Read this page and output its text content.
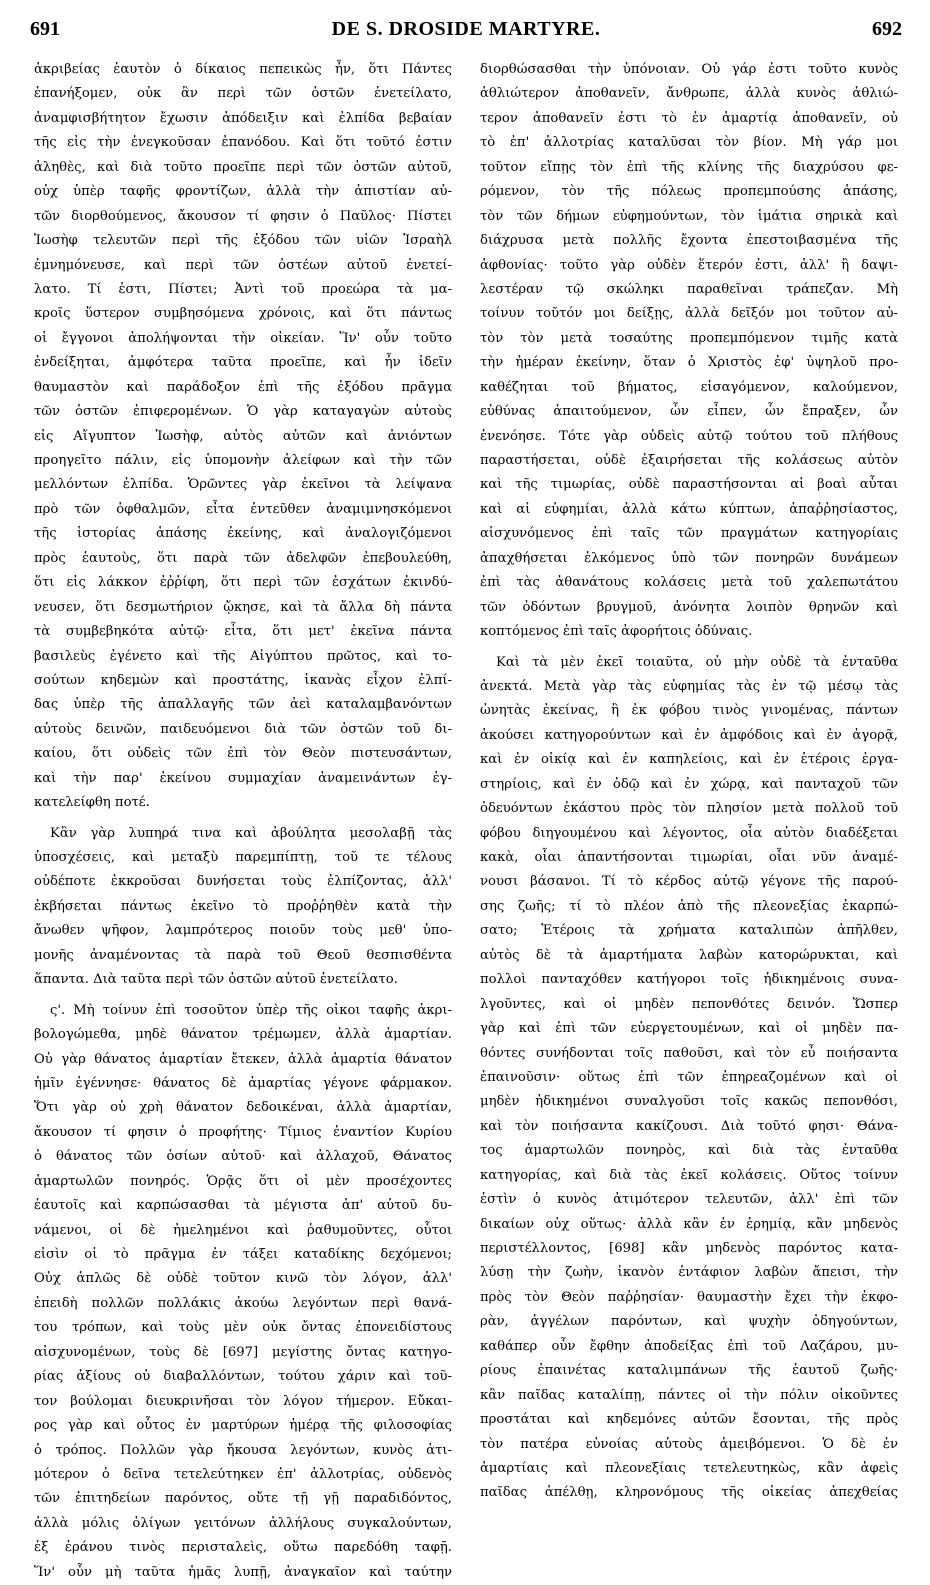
691	DE S. DROSIDE MARTYRE.	692
ἀκριβείας ἑαυτὸν ὁ δίκαιος πεπεικὼς ἦν, ὅτι Πάντες
ἐπανήξομεν, οὐκ ἂν περὶ τῶν ὀστῶν ἐνετείλατο,
ἀναμφισβήτητον ἔχωσιν ἀπόδειξιν καὶ ἐλπίδα βεβαίαν
τῆς εἰς τὴν ἐνεγκοῦσαν ἐπανόδου. Καὶ ὅτι τοῦτό ἐστιν
ἀληθὲς, καὶ διὰ τοῦτο προεῖπε περὶ τῶν ὀστῶν αὐτοῦ,
οὐχ ὑπὲρ ταφῆς φροντίζων, ἀλλὰ τὴν ἀπιστίαν αὐ-
τῶν διορθούμενος, ἄκουσον τί φησιν ὁ Παῦλος· Πίστει
Ἰωσὴφ τελευτῶν περὶ τῆς ἐξόδου τῶν υἱῶν Ἰσραὴλ
ἐμνημόνευσε, καὶ περὶ τῶν ὀστέων αὐτοῦ ἐνετεί-
λατο. Τί ἐστι, Πίστει; Ἀντὶ τοῦ προεώρα τὰ μα-
κροῖς ὕστερον συμβησόμενα χρόνοις, καὶ ὅτι πάντως
οἱ ἔγγονοι ἀπολήψονται τὴν οἰκείαν. Ἵν' οὖν τοῦτο
ἐνδείξηται, ἀμφότερα ταῦτα προεῖπε, καὶ ἦν ἰδεῖν
θαυμαστὸν καὶ παράδοξον ἐπὶ τῆς ἐξόδου πρᾶγμα
τῶν ὀστῶν ἐπιφερομένων. Ὁ γὰρ καταγαγὼν αὐτοὺς
εἰς Αἴγυπτον Ἰωσὴφ, αὐτὸς αὐτῶν καὶ ἀνιόντων
προηγεῖτο πάλιν, εἰς ὑπομονὴν ἀλείφων καὶ τὴν τῶν
μελλόντων ἐλπίδα. Ὁρῶντες γὰρ ἐκεῖνοι τὰ λείψανα
πρὸ τῶν ὀφθαλμῶν, εἶτα ἐντεῦθεν ἀναμιμνησκόμενοι
τῆς ἱστορίας ἁπάσης ἐκείνης, καὶ ἀναλογιζόμενοι
πρὸς ἑαυτοὺς, ὅτι παρὰ τῶν ἀδελφῶν ἐπεβουλεύθη,
ὅτι εἰς λάκκον ἐῤῥίφη, ὅτι περὶ τῶν ἐσχάτων ἐκινδύ-
νευσεν, ὅτι δεσμωτήριον ᾤκησε, καὶ τὰ ἄλλα δὴ πάντα
τὰ συμβεβηκότα αὐτῷ· εἶτα, ὅτι μετ' ἐκεῖνα πάντα
βασιλεὺς ἐγένετο καὶ τῆς Αἰγύπτου πρῶτος, καὶ το-
σούτων κηδεμὼν καὶ προστάτης, ἱκανὰς εἶχον ἐλπί-
δας ὑπὲρ τῆς ἀπαλλαγῆς τῶν ἀεὶ καταλαμβανόντων
αὐτοὺς δεινῶν, παιδευόμενοι διὰ τῶν ὀστῶν τοῦ δι-
καίου, ὅτι οὐδεὶς τῶν ἐπὶ τὸν Θεὸν πιστευσάντων,
καὶ τὴν παρ' ἐκείνου συμμαχίαν ἀναμεινάντων ἐγ-
κατελείφθη ποτέ.
Κἂν γὰρ λυπηρά τινα καὶ ἀβούλητα μεσολαβῇ τὰς
ὑποσχέσεις, καὶ μεταξὺ παρεμπίπτῃ, τοῦ τε τέλους
οὐδέποτε ἐκκροῦσαι δυνήσεται τοὺς ἐλπίζοντας, ἀλλ'
ἐκβήσεται πάντως ἐκεῖνο τὸ προῤῥηθὲν κατὰ τὴν
ἄνωθεν ψῆφον, λαμπρότερος ποιοῦν τοὺς μεθ' ὑπο-
μονῆς ἀναμένοντας τὰ παρὰ τοῦ Θεοῦ θεσπισθέντα
ἅπαντα. Διὰ ταῦτα περὶ τῶν ὀστῶν αὐτοῦ ἐνετείλατο.
ς'. Μὴ τοίνυν ἐπὶ τοσοῦτον ὑπὲρ τῆς οἰκοι ταφῆς ἀκρι-
βολογώμεθα, μηδὲ θάνατον τρέμωμεν, ἀλλὰ ἁμαρτίαν.
Οὐ γὰρ θάνατος ἁμαρτίαν ἔτεκεν, ἀλλὰ ἁμαρτία θάνατον
ἡμῖν ἐγέννησε· θάνατος δὲ ἁμαρτίας γέγονε φάρμακον.
Ὅτι γὰρ οὐ χρὴ θάνατον δεδοικέναι, ἀλλὰ ἁμαρτίαν,
ἄκουσον τί φησιν ὁ προφήτης· Τίμιος ἐναντίον Κυρίου
ὁ θάνατος τῶν ὁσίων αὐτοῦ· καὶ ἀλλαχοῦ, Θάνατος
ἁμαρτωλῶν πονηρός. Ὁρᾷς ὅτι οἱ μὲν προσέχοντες
ἑαυτοῖς καὶ καρπώσασθαι τὰ μέγιστα ἀπ' αὐτοῦ δυ-
νάμενοι, οἱ δὲ ἠμελημένοι καὶ ῥαθυμοῦντες, οὗτοι
εἰσὶν οἱ τὸ πρᾶγμα ἐν τάξει καταδίκης δεχόμενοι;
Οὐχ ἁπλῶς δὲ οὐδὲ τοῦτον κινῶ τὸν λόγον, ἀλλ'
ἐπειδὴ πολλῶν πολλάκις ἀκούω λεγόντων περὶ θανά-
του τρόπων, καὶ τοὺς μὲν οὐκ ὄντας ἐπονειδίστους
αἰσχυνομένων, τοὺς δὲ [697] μεγίστης ὄντας κατηγο-
ρίας ἀξίους οὐ διαβαλλόντων, τούτου χάριν καὶ τοῦ-
τον βούλομαι διευκρινῆσαι τὸν λόγον τήμερον. Εὔκαι-
ρος γὰρ καὶ οὗτος ἐν μαρτύρων ἡμέρᾳ τῆς φιλοσοφίας
ὁ τρόπος. Πολλῶν γὰρ ἤκουσα λεγόντων, κυνὸς ἀτι-
μότερον ὁ δεῖνα τετελεύτηκεν ἐπ' ἀλλοτρίας, οὐδενὸς
τῶν ἐπιτηδείων παρόντος, οὔτε τῇ γῇ παραδιδόντος,
ἀλλὰ μόλις ὀλίγων γειτόνων ἀλλήλους συγκαλούντων,
ἐξ ἐράνου τινὸς περισταλεὶς, οὕτω παρεδόθη ταφῇ.
Ἵν' οὖν μὴ ταῦτα ἡμᾶς λυπῇ, ἀναγκαῖον καὶ ταύτην
διορθώσασθαι τὴν ὑπόνοιαν. Οὐ γάρ ἐστι τοῦτο κυνὸς
ἀθλιώτερον ἀποθανεῖν, ἄνθρωπε, ἀλλὰ κυνὸς ἀθλιώ-
τερον ἀποθανεῖν ἐστι τὸ ἐν ἁμαρτίᾳ ἀποθανεῖν, οὐ
τὸ ἐπ' ἀλλοτρίας καταλῦσαι τὸν βίον. Μὴ γάρ μοι
τοῦτον εἴπῃς τὸν ἐπὶ τῆς κλίνης τῆς διαχρύσου φε-
ρόμενον, τὸν τῆς πόλεως προπεμπούσης ἁπάσης,
τὸν τῶν δήμων εὐφημούντων, τὸν ἱμάτια σηρικὰ καὶ
διάχρυσα μετὰ πολλῆς ἔχοντα ἐπεστοιβασμένα τῆς
ἀφθονίας· τοῦτο γὰρ οὐδὲν ἕτερόν ἐστι, ἀλλ' ἢ δαψι-
λεστέραν τῷ σκώληκι παραθεῖναι τράπεζαν. Μὴ
τοίνυν τοῦτόν μοι δείξῃς, ἀλλὰ δεῖξόν μοι τοῦτον αὐ-
τὸν τὸν μετὰ τοσαύτης προπεμπόμενον τιμῆς κατὰ
τὴν ἡμέραν ἐκείνην, ὅταν ὁ Χριστὸς ἐφ' ὑψηλοῦ προ-
καθέζηται τοῦ βήματος, εἰσαγόμενον, καλούμενον,
εὐθύνας ἀπαιτούμενον, ὧν εἶπεν, ὧν ἔπραξεν, ὧν
ἐνενόησε. Τότε γὰρ οὐδεὶς αὐτῷ τούτου τοῦ πλήθους
παραστήσεται, οὐδὲ ἐξαιρήσεται τῆς κολάσεως αὐτὸν
καὶ τῆς τιμωρίας, οὐδὲ παραστήσονται αἱ βοαὶ αὗται
καὶ αἱ εὐφημίαι, ἀλλὰ κάτω κύπτων, ἀπαῤῥησίαστος,
αἰσχυνόμενος ἐπὶ ταῖς τῶν πραγμάτων κατηγορίαις
ἀπαχθήσεται ἑλκόμενος ὑπὸ τῶν πονηρῶν δυνάμεων
ἐπὶ τὰς ἀθανάτους κολάσεις μετὰ τοῦ χαλεπωτάτου
τῶν ὀδόντων βρυγμοῦ, ἀνόνητα λοιπὸν θρηνῶν καὶ
κοπτόμενος ἐπὶ ταῖς ἀφορήτοις ὀδύναις.
Καὶ τὰ μὲν ἐκεῖ τοιαῦτα, οὐ μὴν οὐδὲ τὰ ἐνταῦθα
ἀνεκτά. Μετὰ γὰρ τὰς εὐφημίας τὰς ἐν τῷ μέσῳ τὰς
ὠνητὰς ἐκείνας, ἢ ἐκ φόβου τινὸς γινομένας, πάντων
ἀκούσει κατηγορούντων καὶ ἐν ἀμφόδοις καὶ ἐν ἀγορᾷ,
καὶ ἐν οἰκίᾳ καὶ ἐν καπηλείοις, καὶ ἐν ἑτέροις ἐργα-
στηρίοις, καὶ ἐν ὁδῷ καὶ ἐν χώρᾳ, καὶ πανταχοῦ τῶν
ὁδευόντων ἑκάστου πρὸς τὸν πλησίον μετὰ πολλοῦ τοῦ
φόβου διηγουμένου καὶ λέγοντος, οἷα αὐτὸν διαδέξεται
κακὰ, οἷαι ἀπαντήσονται τιμωρίαι, οἷαι νῦν ἀναμέ-
νουσι βάσανοι. Τί τὸ κέρδος αὐτῷ γέγονε τῆς παρού-
σης ζωῆς; τί τὸ πλέον ἀπὸ τῆς πλεονεξίας ἐκαρπώ-
σατο; Ἑτέροις τὰ χρήματα καταλιπὼν ἀπῆλθεν,
αὐτὸς δὲ τὰ ἁμαρτήματα λαβὼν κατορώρυκται, καὶ
πολλοὶ πανταχόθεν κατήγοροι τοῖς ἠδικημένοις συνα-
λγοῦντες, καὶ οἱ μηδὲν πεπονθότες δεινόν. Ὥσπερ
γὰρ καὶ ἐπὶ τῶν εὐεργετουμένων, καὶ οἱ μηδὲν πα-
θόντες συνήδονται τοῖς παθοῦσι, καὶ τὸν εὖ ποιήσαντα
ἐπαινοῦσιν· οὕτως ἐπὶ τῶν ἐπηρεαζομένων καὶ οἱ
μηδὲν ἠδικημένοι συναλγοῦσι τοῖς κακῶς πεπονθόσι,
καὶ τὸν ποιήσαντα κακίζουσι. Διὰ τοῦτό φησι· Θάνα-
τος ἁμαρτωλῶν πονηρὸς, καὶ διὰ τὰς ἐνταῦθα
κατηγορίας, καὶ διὰ τὰς ἐκεῖ κολάσεις. Οὕτος τοίνυν
ἐστὶν ὁ κυνὸς ἀτιμότερον τελευτῶν, ἀλλ' ἐπὶ τῶν
δικαίων οὐχ οὕτως· ἀλλὰ κἂν ἐν ἐρημίᾳ, κἂν μηδενὸς
περιστέλλοντος, [698] κἂν μηδενὸς παρόντος κατα-
λύσῃ τὴν ζωὴν, ἱκανὸν ἐντάφιον λαβὼν ἄπεισι, τὴν
πρὸς τὸν Θεὸν παῤῥησίαν· θαυμαστὴν ἔχει τὴν ἐκφο-
ρὰν, ἀγγέλων παρόντων, καὶ ψυχὴν ὁδηγούντων,
καθάπερ οὖν ἔφθην ἀποδείξας ἐπὶ τοῦ Λαζάρου, μυ-
ρίους ἐπαινέτας καταλιμπάνων τῆς ἑαυτοῦ ζωῆς·
κἂν παῖδας καταλίπῃ, πάντες οἱ τὴν πόλιν οἰκοῦντες
προστάται καὶ κηδεμόνες αὐτῶν ἔσονται, τῆς πρὸς
τὸν πατέρα εὐνοίας αὐτοὺς ἀμειβόμενοι. Ὁ δὲ ἐν
ἁμαρτίαις καὶ πλεονεξίαις τετελευτηκὼς, κἂν ἀφεὶς
παῖδας ἀπέλθῃ, κληρονόμους τῆς οἰκείας ἀπεχθείας
